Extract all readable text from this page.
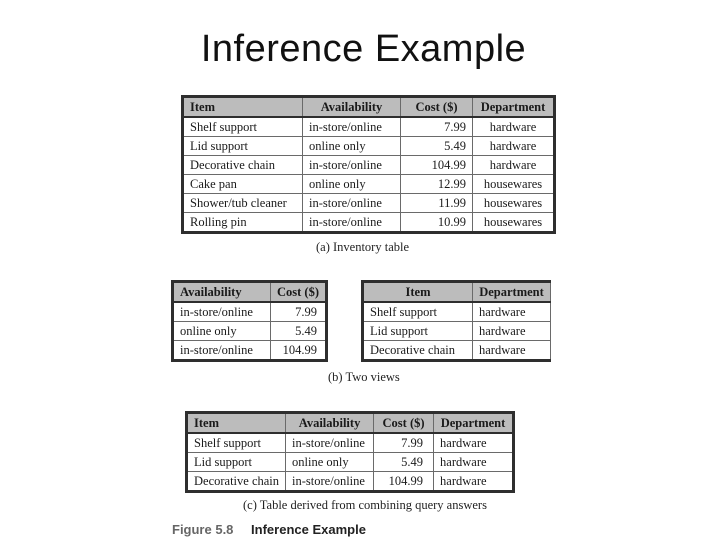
Inference Example
Item	Availability	Cost ($)	Department
Shelf support	in-store/online	7.99	hardware
Lid support	online only	5.49	hardware
Decorative chain	in-store/online	104.99	hardware
Cake pan	online only	12.99	housewares
Shower/tub cleaner	in-store/online	11.99	housewares
Rolling pin	in-store/online	10.99	housewares
(a) Inventory table
Availability	Cost ($)
in-store/online	7.99
online only	5.49
in-store/online	104.99
Item	Department
Shelf support	hardware
Lid support	hardware
Decorative chain	hardware
(b) Two views
Item	Availability	Cost ($)	Department
Shelf support	in-store/online	7.99	hardware
Lid support	online only	5.49	hardware
Decorative chain	in-store/online	104.99	hardware
(c) Table derived from combining query answers
Figure 5.8 Inference Example
